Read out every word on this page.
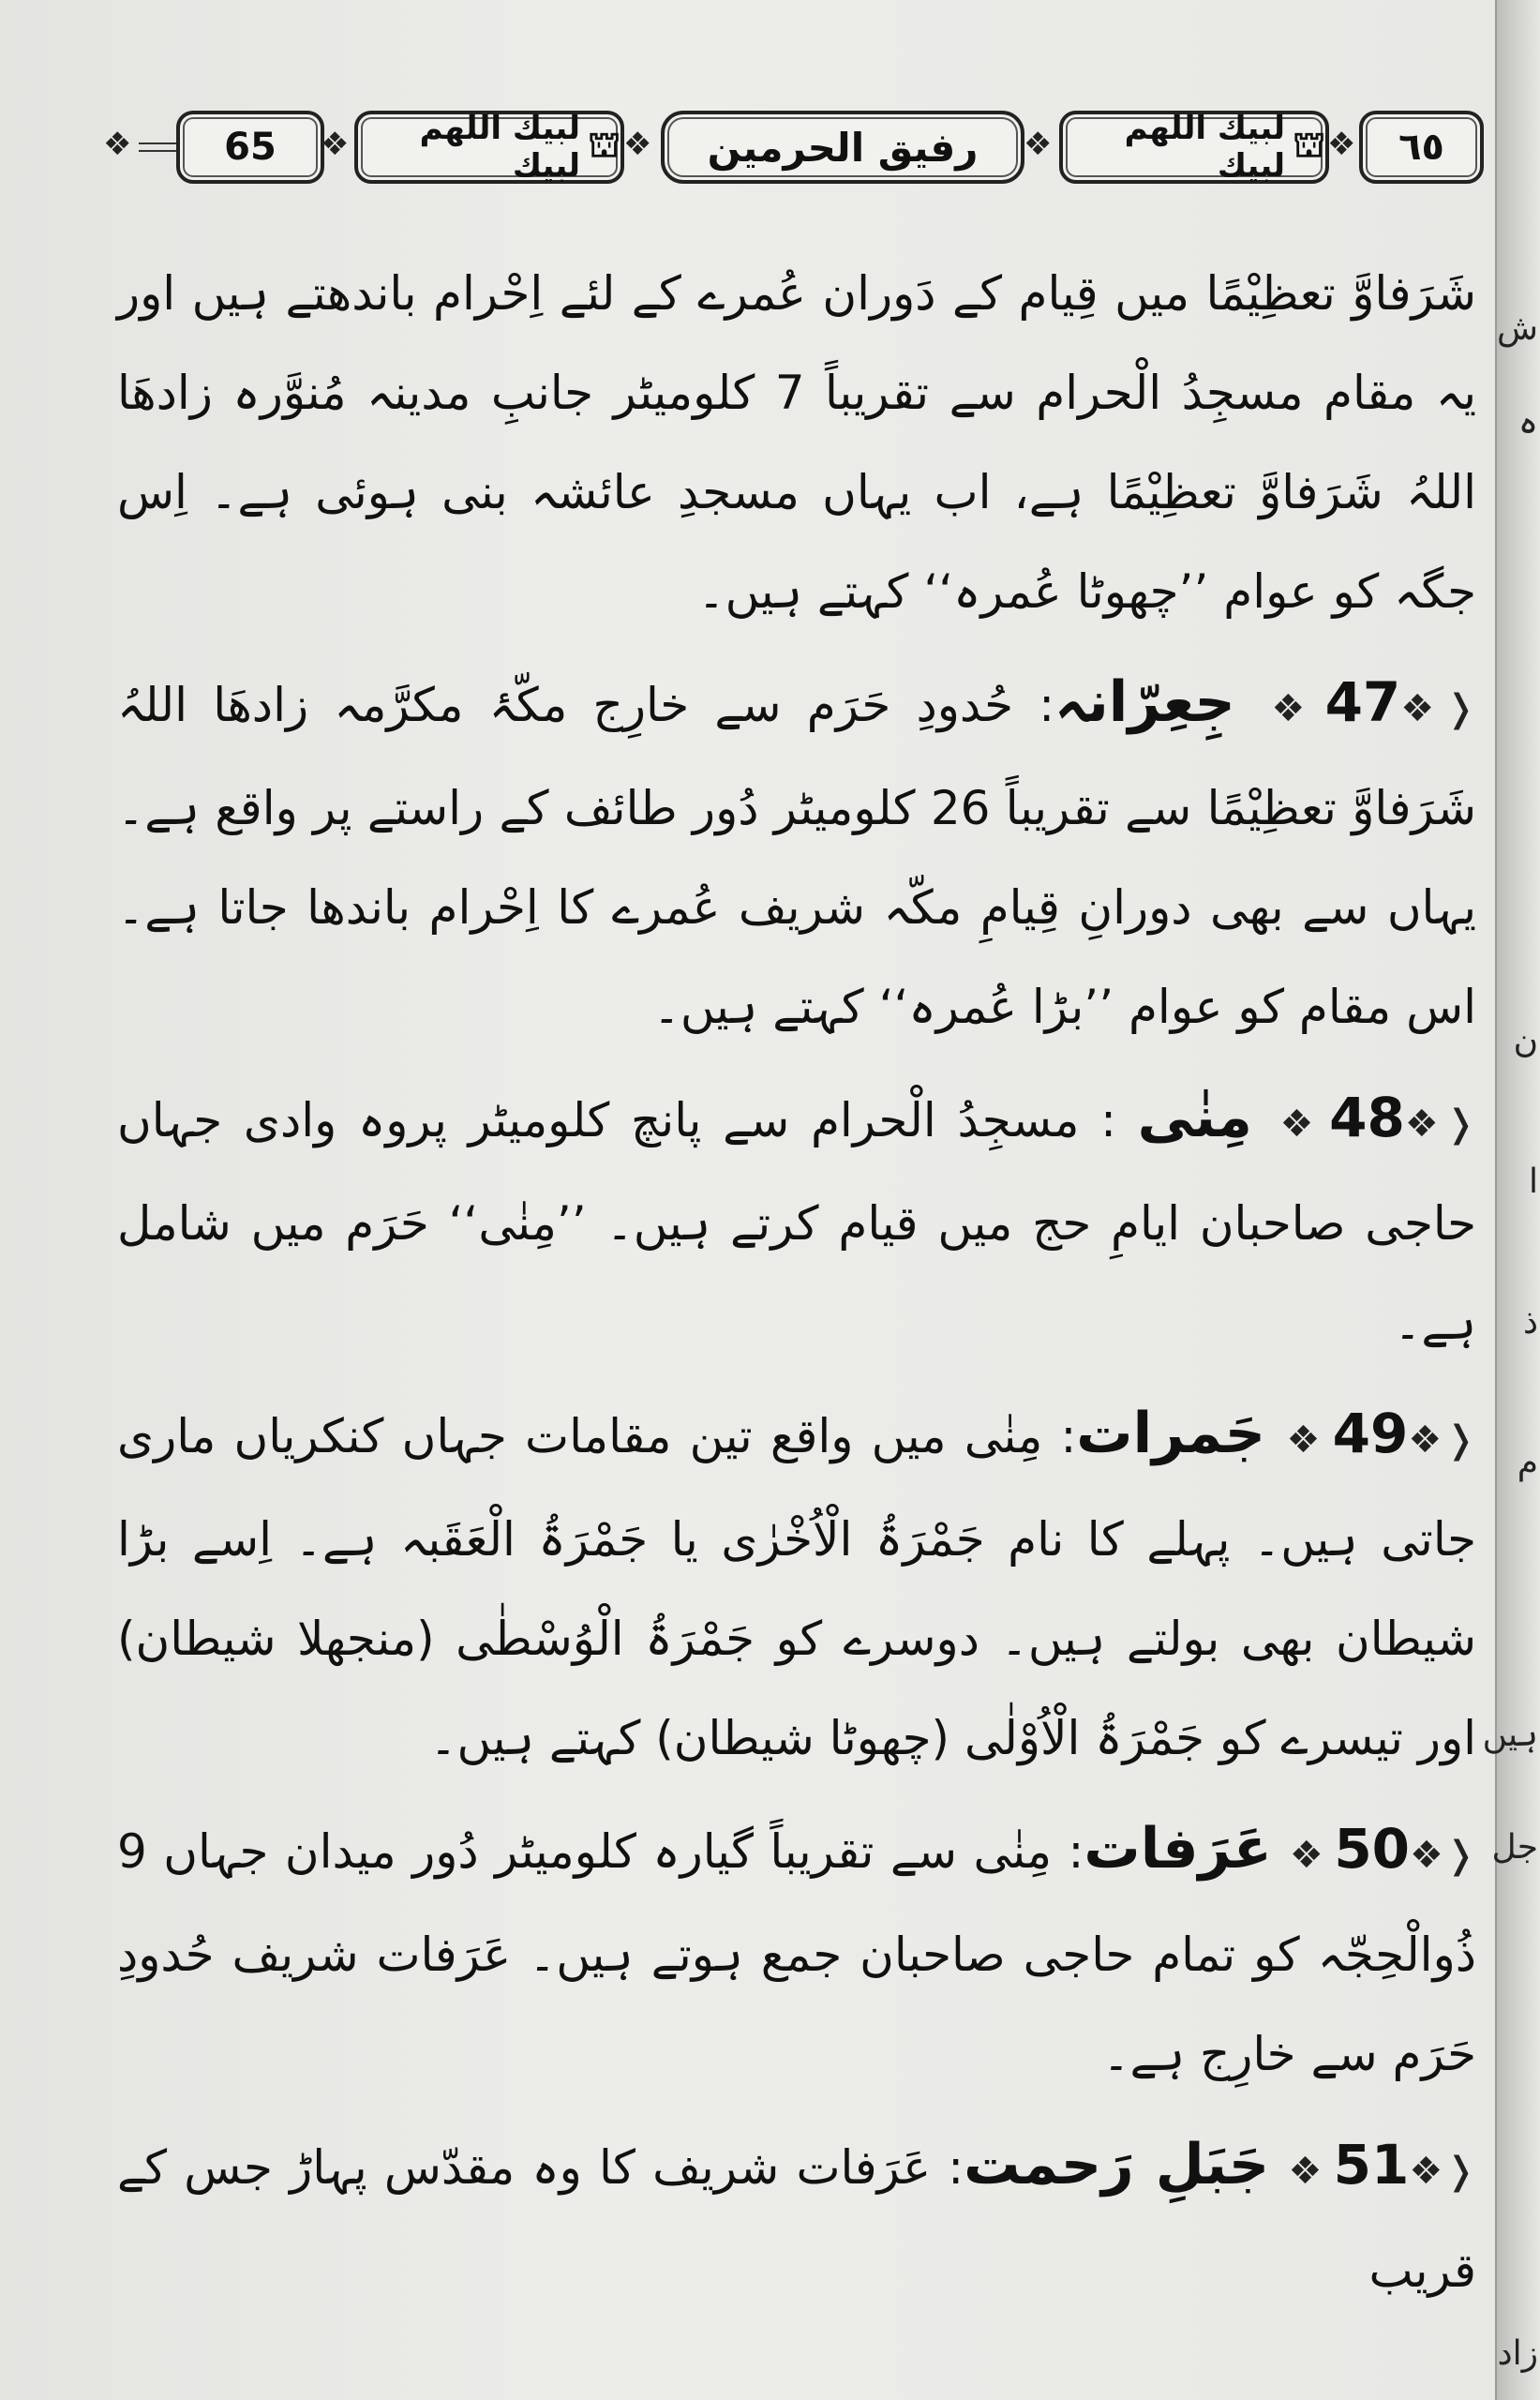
❖ 65 ❖	⛫
لبیك اللھم لبیك
❖ رفیق الحرمین ❖	⛫
لبیك اللھم لبیك
❖ ٦٥

شَرَفاوَّ تعظِيْمًا میں قِیام کے دَوران عُمرے کے لئے اِحْرام باندھتے ہیں اور یہ مقام مسجِدُ الْحرام سے تقریباً 7 کلومیٹر جانبِ مدینہ مُنوَّرہ زادھَا اللہُ شَرَفاوَّ تعظِيْمًا ہے، اب یہاں مسجدِ عائشہ بنی ہوئی ہے۔ اِس جگہ کو عوام ’’چھوٹا عُمرہ‘‘ کہتے ہیں۔

❬❖47❖ جِعِرّانہ: حُدودِ حَرَم سے خارِج مکّۂ مکرَّمہ زادھَا اللہُ شَرَفاوَّ تعظِيْمًا سے تقریباً 26 کلومیٹر دُور طائف کے راستے پر واقع ہے۔ یہاں سے بھی دورانِ قِیامِ مکّہ شریف عُمرے کا اِحْرام باندھا جاتا ہے۔ اس مقام کو عوام ’’بڑا عُمرہ‘‘ کہتے ہیں۔

❬❖48❖ مِنٰی : مسجِدُ الْحرام سے پانچ کلومیٹر پروہ وادی جہاں حاجی صاحبان ایامِ حج میں قیام کرتے ہیں۔ ’’مِنٰی‘‘ حَرَم میں شامل ہے۔

❬❖49❖ جَمرات: مِنٰی میں واقع تین مقامات جہاں کنکریاں ماری جاتی ہیں۔ پہلے کا نام جَمْرَۃُ الْاُخْرٰی یا جَمْرَۃُ الْعَقَبہ ہے۔ اِسے بڑا شیطان بھی بولتے ہیں۔ دوسرے کو جَمْرَۃُ الْوُسْطٰی (منجھلا شیطان) اور تیسرے کو جَمْرَۃُ الْاُوْلٰی (چھوٹا شیطان) کہتے ہیں۔

❬❖50❖ عَرَفات: مِنٰی سے تقریباً گیارہ کلومیٹر دُور میدان جہاں 9 ذُوالْحِجّہ کو تمام حاجی صاحبان جمع ہوتے ہیں۔ عَرَفات شریف حُدودِ حَرَم سے خارِج ہے۔

❬❖51❖ جَبَلِ رَحمت: عَرَفات شریف کا وہ مقدّس پہاڑ جس کے قریب

ش
ہ
ن
ا
ذ
م
ہیں
جل
زاد
